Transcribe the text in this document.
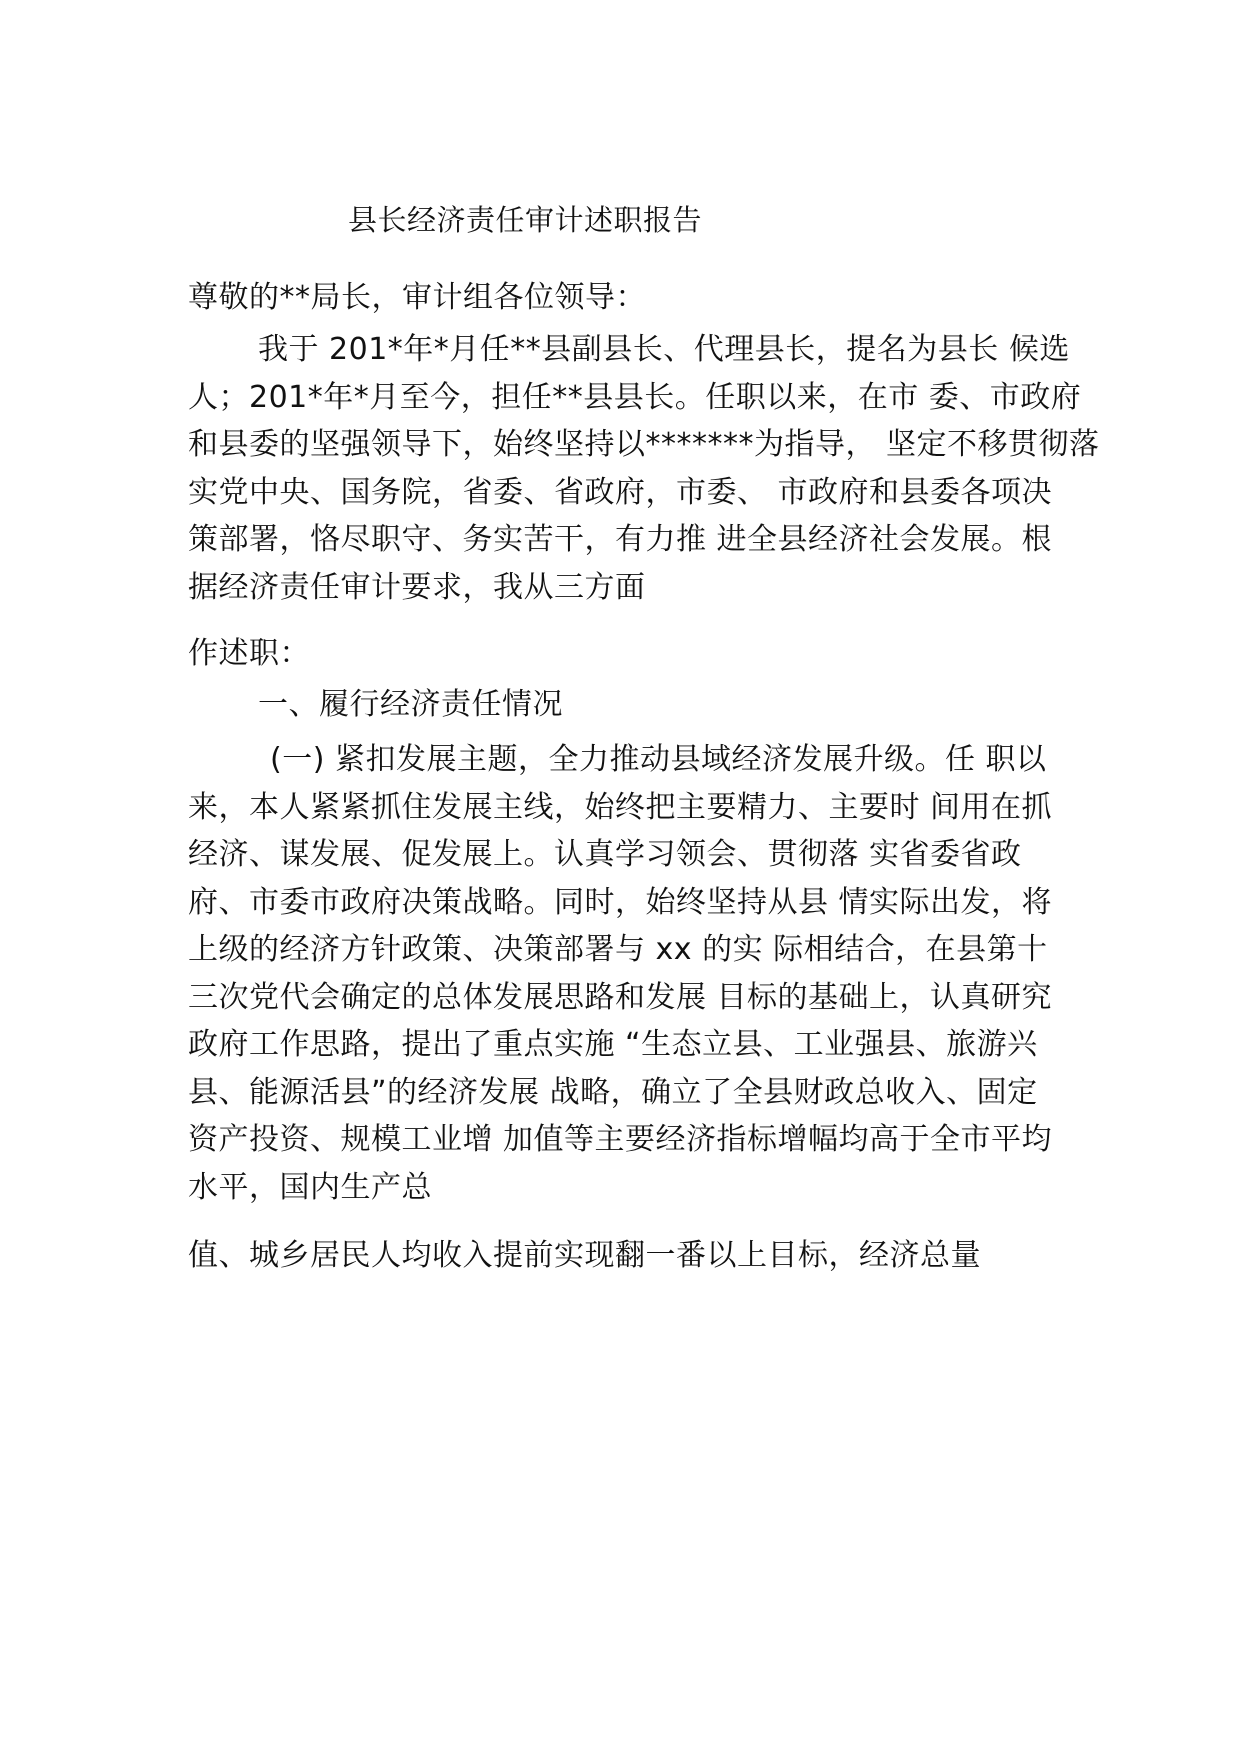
县长经济责任审计述职报告
尊敬的**局长，审计组各位领导：
我于 201*年*月任**县副县长、代理县长，提名为县长 候选
人；201*年*月至今，担任**县县长。任职以来，在市 委、市政府
和县委的坚强领导下，始终坚持以*******为指导， 坚定不移贯彻落
实党中央、国务院，省委、省政府，市委、 市政府和县委各项决
策部署，恪尽职守、务实苦干，有力推 进全县经济社会发展。根
据经济责任审计要求，我从三方面
作述职：
一、履行经济责任情况
(一) 紧扣发展主题，全力推动县域经济发展升级。任 职以
来，本人紧紧抓住发展主线，始终把主要精力、主要时 间用在抓
经济、谋发展、促发展上。认真学习领会、贯彻落 实省委省政
府、市委市政府决策战略。同时，始终坚持从县 情实际出发，将
上级的经济方针政策、决策部署与 xx 的实 际相结合，在县第十
三次党代会确定的总体发展思路和发展 目标的基础上，认真研究
政府工作思路，提出了重点实施 “生态立县、工业强县、旅游兴
县、能源活县”的经济发展 战略，确立了全县财政总收入、固定
资产投资、规模工业增 加值等主要经济指标增幅均高于全市平均
水平，国内生产总
值、城乡居民人均收入提前实现翻一番以上目标，经济总量
